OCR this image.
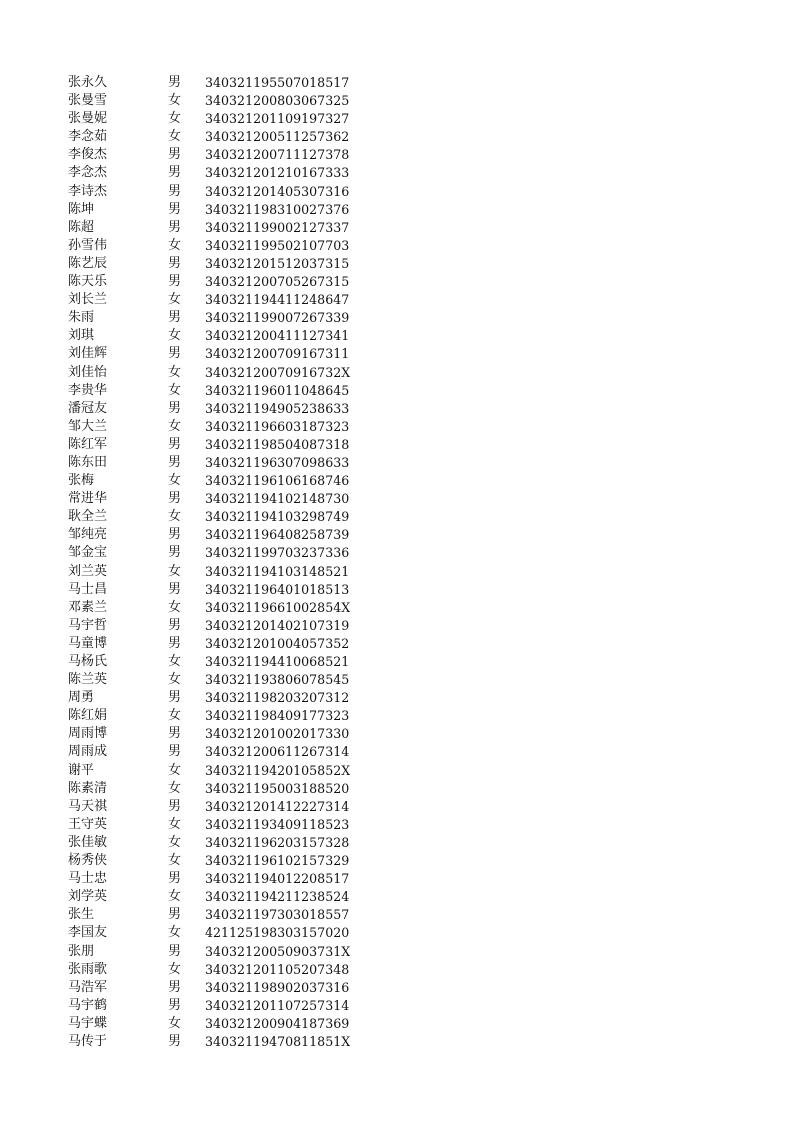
张永久	男 340321195507018517
张曼雪	女 340321200803067325
张曼妮	女 340321201109197327
李念茹	女 340321200511257362
李俊杰	男 340321200711127378
李念杰	男 340321201210167333
李诗杰	男 340321201405307316
陈坤	男 340321198310027376
陈超	男 340321199002127337
孙雪伟	女 340321199502107703
陈艺辰	男 340321201512037315
陈天乐	男 340321200705267315
刘长兰	女 340321194411248647
朱雨	男 340321199007267339
刘琪	女 340321200411127341
刘佳辉	男 340321200709167311
刘佳怡	女 34032120070916732X
李贵华	女 340321196011048645
潘冠友	男 340321194905238633
邹大兰	女 340321196603187323
陈红军	男 340321198504087318
陈东田	男 340321196307098633
张梅	女 340321196106168746
常进华	男 340321194102148730
耿全兰	女 340321194103298749
邹纯亮	男 340321196408258739
邹金宝	男 340321199703237336
刘兰英	女 340321194103148521
马士昌	男 340321196401018513
邓素兰	女 34032119661002854X
马宇哲	男 340321201402107319
马童博	男 340321201004057352
马杨氏	女 340321194410068521
陈兰英	女 340321193806078545
周勇	男 340321198203207312
陈红娟	女 340321198409177323
周雨博	男 340321201002017330
周雨成	男 340321200611267314
谢平	女 34032119420105852X
陈素清	女 340321195003188520
马天祺	男 340321201412227314
王守英	女 340321193409118523
张佳敏	女 340321196203157328
杨秀侠	女 340321196102157329
马士忠	男 340321194012208517
刘学英	女 340321194211238524
张生	男 340321197303018557
李国友	女 421125198303157020
张朋	男 34032120050903731X
张雨歌	女 340321201105207348
马浩军	男 340321198902037316
马宇鹤	男 340321201107257314
马宇蝶	女 340321200904187369
马传于	男 34032119470811851X
